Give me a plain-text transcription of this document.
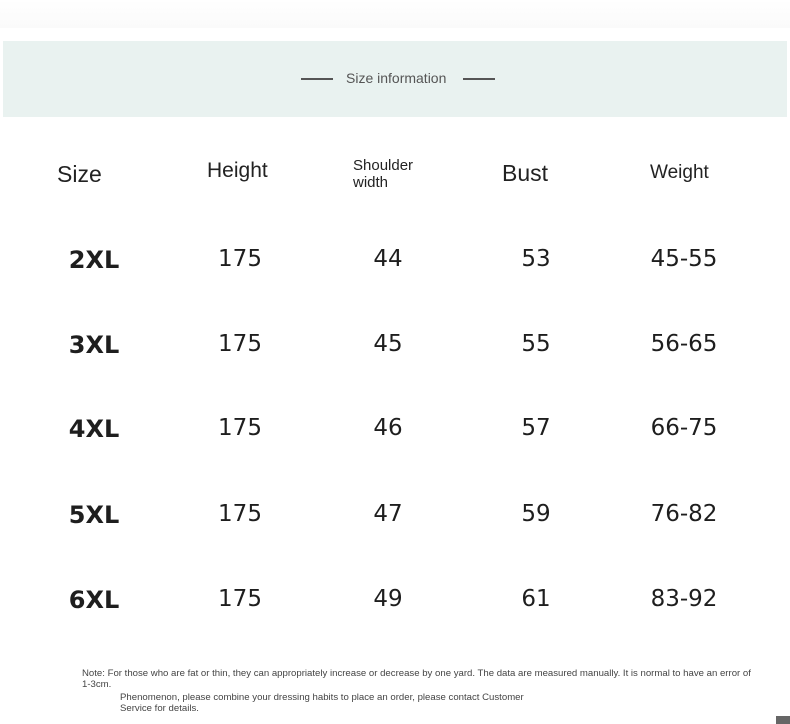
Size information
Size	Height	Shoulder width	Bust	Weight
2XL	175	44	53	45-55
3XL	175	45	55	56-65
4XL	175	46	57	66-75
5XL	175	47	59	76-82
6XL	175	49	61	83-92
Note: For those who are fat or thin, they can appropriately increase or decrease by one yard. The data are measured manually. It is normal to have an error of 1-3cm.
Phenomenon, please combine your dressing habits to place an order, please contact Customer Service for details.
